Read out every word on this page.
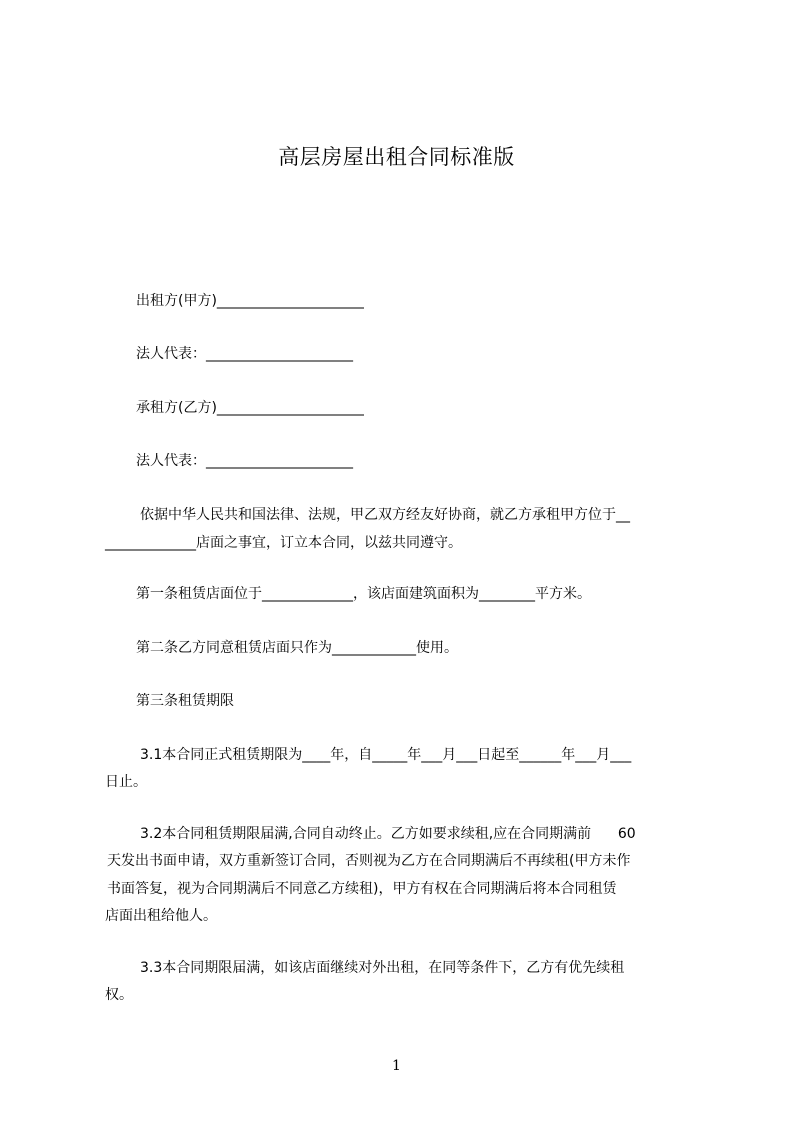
高层房屋出租合同标准版
出租方(甲方)_____________________
法人代表：_____________________
承租方(乙方)_____________________
法人代表：_____________________
依据中华人民共和国法律、法规，甲乙双方经友好协商，就乙方承租甲方位于__
_____________店面之事宜，订立本合同，以兹共同遵守。
第一条租赁店面位于_____________，该店面建筑面积为________平方米。
第二条乙方同意租赁店面只作为____________使用。
第三条租赁期限
3.1本合同正式租赁期限为____年，自_____年___月___日起至______年___月___
日止。
3.2本合同租赁期限届满,合同自动终止。乙方如要求续租,应在合同期满前      60
天发出书面申请，双方重新签订合同，否则视为乙方在合同期满后不再续租(甲方未作
书面答复，视为合同期满后不同意乙方续租)，甲方有权在合同期满后将本合同租赁
店面出租给他人。
3.3本合同期限届满，如该店面继续对外出租，在同等条件下，乙方有优先续租
权。
1
